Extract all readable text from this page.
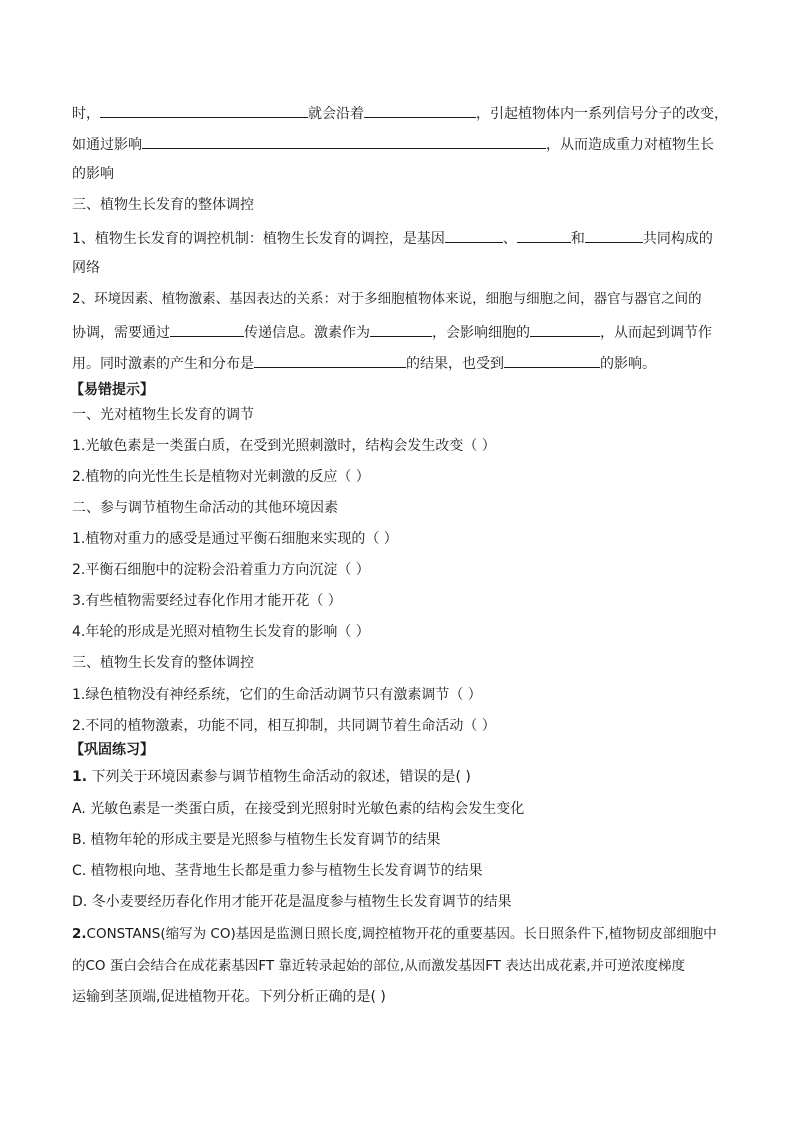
时，	就会沿着	，引起植物体内一系列信号分子的改变，
如通过影响	，从而造成重力对植物生长
的影响
三、植物生长发育的整体调控
1、植物生长发育的调控机制：植物生长发育的调控，是基因	、	和	共同构成的
网络
2、环境因素、植物激素、基因表达的关系：对于多细胞植物体来说，细胞与细胞之间，器官与器官之间的
协调，需要通过	传递信息。激素作为	，会影响细胞的	，从而起到调节作
用。同时激素的产生和分布是	的结果，也受到	的影响。
【易错提示】
一、光对植物生长发育的调节
1.光敏色素是一类蛋白质，在受到光照刺激时，结构会发生改变（ ）
2.植物的向光性生长是植物对光刺激的反应（ ）
二、参与调节植物生命活动的其他环境因素
1.植物对重力的感受是通过平衡石细胞来实现的（ ）
2.平衡石细胞中的淀粉会沿着重力方向沉淀（ ）
3.有些植物需要经过春化作用才能开花（ ）
4.年轮的形成是光照对植物生长发育的影响（ ）
三、植物生长发育的整体调控
1.绿色植物没有神经系统，它们的生命活动调节只有激素调节（ ）
2.不同的植物激素，功能不同，相互抑制，共同调节着生命活动（ ）
【巩固练习】
1. 下列关于环境因素参与调节植物生命活动的叙述，错误的是( )
A. 光敏色素是一类蛋白质，在接受到光照射时光敏色素的结构会发生变化
B. 植物年轮的形成主要是光照参与植物生长发育调节的结果
C. 植物根向地、茎背地生长都是重力参与植物生长发育调节的结果
D. 冬小麦要经历春化作用才能开花是温度参与植物生长发育调节的结果
2.CONSTANS(缩写为 CO)基因是监测日照长度,调控植物开花的重要基因。长日照条件下,植物韧皮部细胞中
的CO 蛋白会结合在成花素基因FT 靠近转录起始的部位,从而激发基因FT 表达出成花素,并可逆浓度梯度
运输到茎顶端,促进植物开花。下列分析正确的是( )
